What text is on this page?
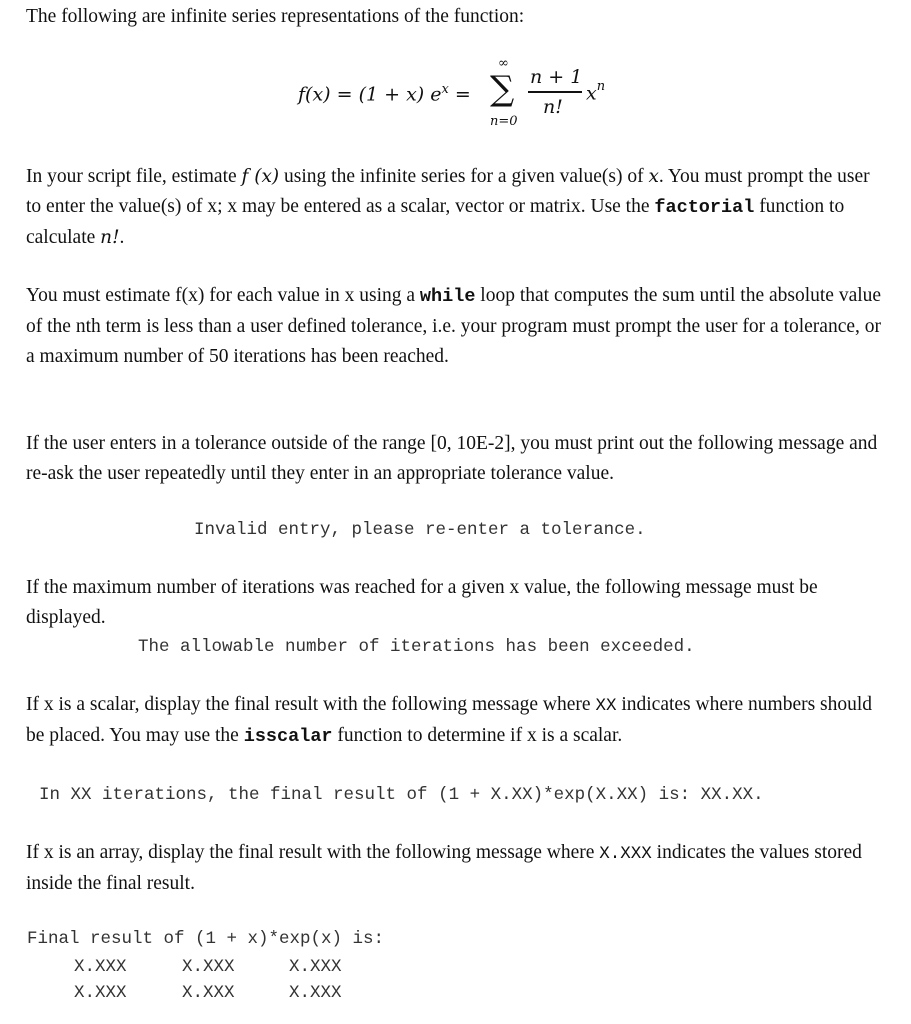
The following are infinite series representations of the function:

f(x) = (1 + x) $e^x$ =
∞
∑
n=0
n + 1
n!
$x^n$

In your script file, estimate f (x) using the infinite series for a given value(s) of x. You must prompt the user to enter the value(s) of x; x may be entered as a scalar, vector or matrix. Use the factorial function to calculate n!.

You must estimate f(x) for each value in x using a while loop that computes the sum until the absolute value of the nth term is less than a user defined tolerance, i.e. your program must prompt the user for a tolerance, or a maximum number of 50 iterations has been reached.

If the user enters in a tolerance outside of the range [0, 10E-2], you must print out the following message and re-ask the user repeatedly until they enter in an appropriate tolerance value.

Invalid entry, please re-enter a tolerance.

If the maximum number of iterations was reached for a given x value, the following message must be displayed.

The allowable number of iterations has been exceeded.

If x is a scalar, display the final result with the following message where XX indicates where numbers should be placed. You may use the isscalar function to determine if x is a scalar.

In XX iterations, the final result of (1 + X.XX)*exp(X.XX) is: XX.XX.

If x is an array, display the final result with the following message where X.XXX indicates the values stored inside the final result.

Final result of (1 + x)*exp(x) is:
X.XXX	X.XXX	X.XXX
X.XXX	X.XXX	X.XXX
